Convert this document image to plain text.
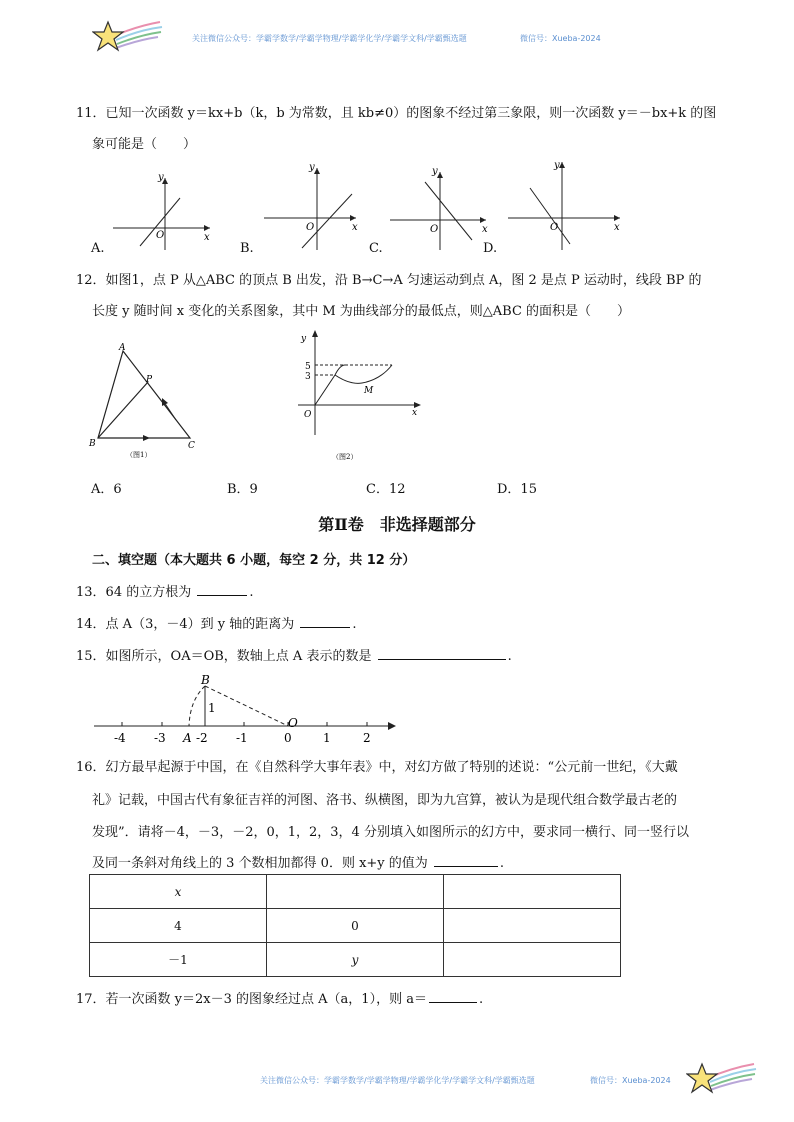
关注微信公众号：学霸学数学/学霸学物理/学霸学化学/学霸学文科/学霸甄选题	微信号：Xueba-2024
11．已知一次函数 y＝kx+b（k，b 为常数，且 kb≠0）的图象不经过第三象限，则一次函数 y＝－bx+k 的图
象可能是（　　）
y
x
O
y
x
O
y
x
O
y
x
O
A.	B.	C.	D.
12．如图1，点 P 从△ABC 的顶点 B 出发，沿 B→C→A 匀速运动到点 A，图 2 是点 P 运动时，线段 BP 的
长度 y 随时间 x 变化的关系图象，其中 M 为曲线部分的最低点，则△ABC 的面积是（　　）
A
B	C
P
（图1）
y
x
O
M
5
3
（图2）
A．6	B．9	C．12	D．15
第Ⅱ卷　非选择题部分
二、填空题（本大题共 6 小题，每空 2 分，共 12 分）
13．64 的立方根为	.
14．点 A（3，－4）到 y 轴的距离为	.
15．如图所示，OA＝OB，数轴上点 A 表示的数是	.
-4 -3	-2 -1	0	1	2
A
B
O
1
16．幻方最早起源于中国，在《自然科学大事年表》中，对幻方做了特别的述说：“公元前一世纪，《大戴
礼》记载，中国古代有象征吉祥的河图、洛书、纵横图，即为九宫算，被认为是现代组合数学最古老的
发现”．请将－4，－3，－2，0，1，2，3，4 分别填入如图所示的幻方中，要求同一横行、同一竖行以
及同一条斜对角线上的 3 个数相加都得 0．则 x+y 的值为	.
x		
4	0	
－1	y	
17．若一次函数 y＝2x－3 的图象经过点 A（a，1），则 a＝	.
关注微信公众号：学霸学数学/学霸学物理/学霸学化学/学霸学文科/学霸甄选题	微信号：Xueba-2024
